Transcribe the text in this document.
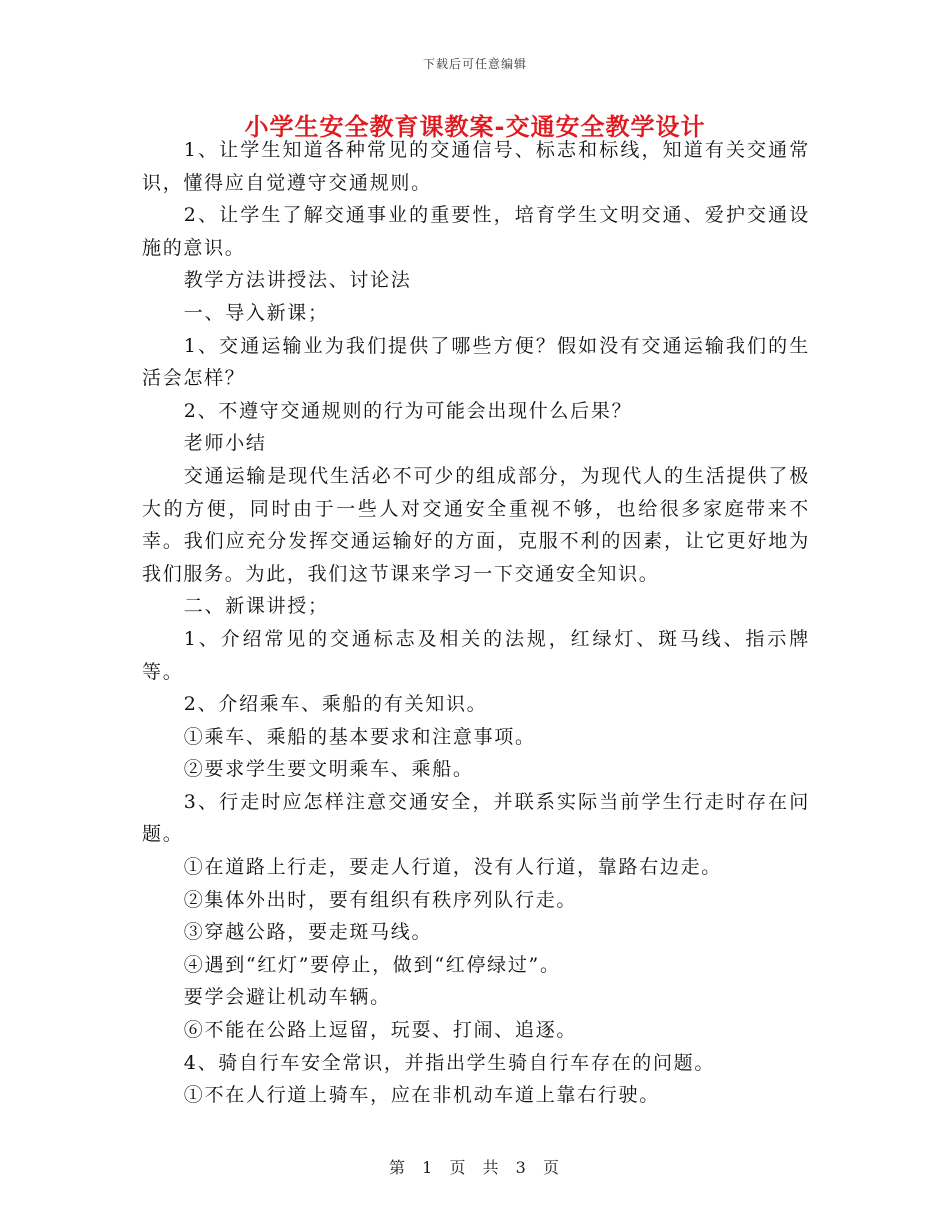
下载后可任意编辑
小学生安全教育课教案-交通安全教学设计

1、让学生知道各种常见的交通信号、标志和标线，知道有关交通常识，懂得应自觉遵守交通规则。

2、让学生了解交通事业的重要性，培育学生文明交通、爱护交通设施的意识。

教学方法讲授法、讨论法

一、导入新课；

1、交通运输业为我们提供了哪些方便？假如没有交通运输我们的生活会怎样？

2、不遵守交通规则的行为可能会出现什么后果？

老师小结

交通运输是现代生活必不可少的组成部分，为现代人的生活提供了极大的方便，同时由于一些人对交通安全重视不够，也给很多家庭带来不幸。我们应充分发挥交通运输好的方面，克服不利的因素，让它更好地为我们服务。为此，我们这节课来学习一下交通安全知识。

二、新课讲授；

1、介绍常见的交通标志及相关的法规，红绿灯、斑马线、指示牌等。

2、介绍乘车、乘船的有关知识。

①乘车、乘船的基本要求和注意事项。

②要求学生要文明乘车、乘船。

3、行走时应怎样注意交通安全，并联系实际当前学生行走时存在问题。

①在道路上行走，要走人行道，没有人行道，靠路右边走。

②集体外出时，要有组织有秩序列队行走。

③穿越公路，要走斑马线。

④遇到“红灯”要停止，做到“红停绿过”。

要学会避让机动车辆。

⑥不能在公路上逗留，玩耍、打闹、追逐。

4、骑自行车安全常识，并指出学生骑自行车存在的问题。

①不在人行道上骑车，应在非机动车道上靠右行驶。

第 1 页 共 3 页
